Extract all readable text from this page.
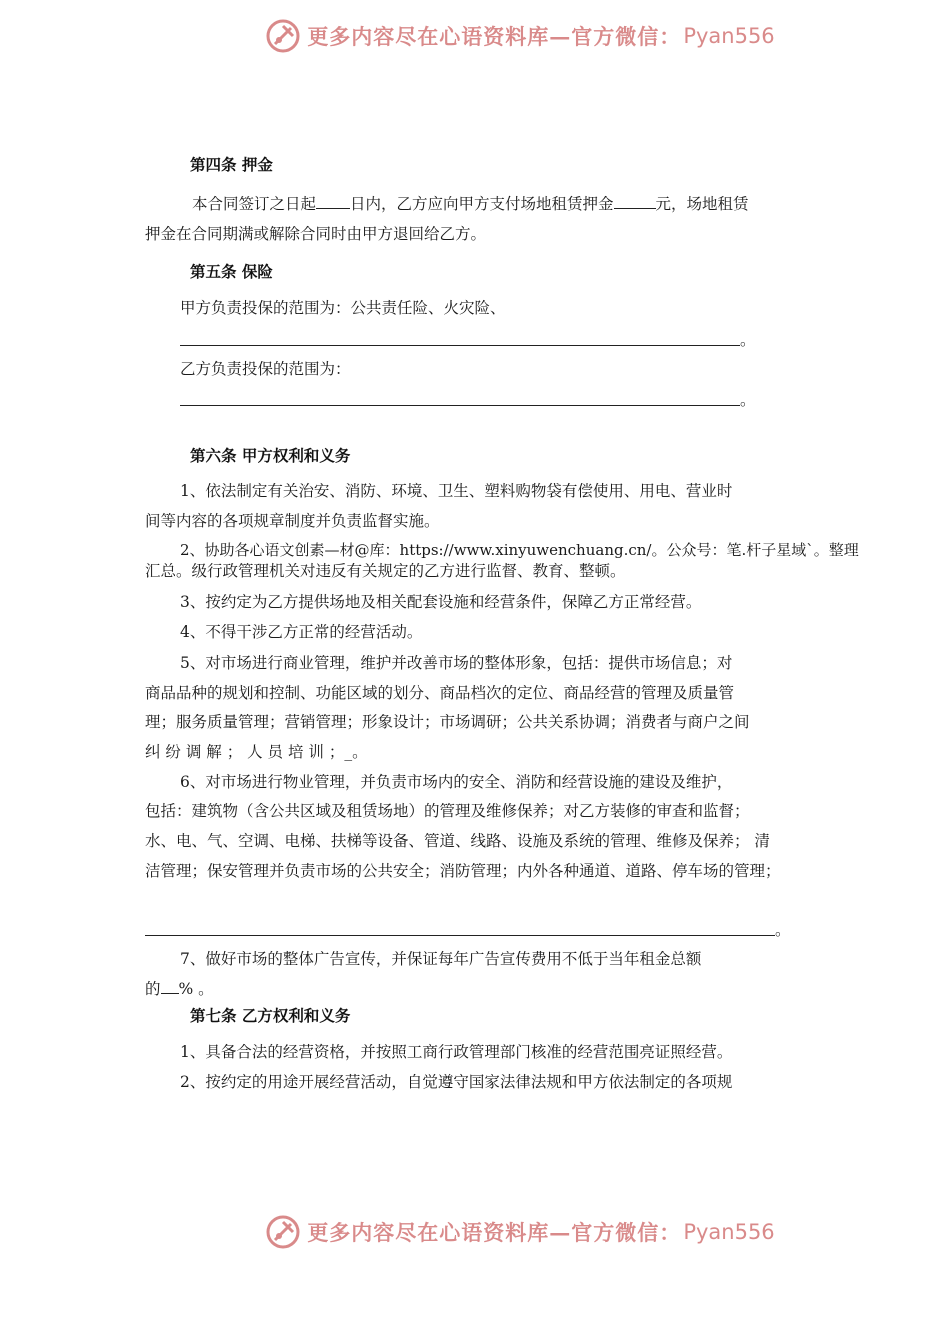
更多内容尽在心语资料库—官方微信： Pyan556
第四条 押金
本合同签订之日起 日内，乙方应向甲方支付场地租赁押金	元，场地租赁
押金在合同期满或解除合同时由甲方退回给乙方。
第五条 保险
甲方负责投保的范围为：公共责任险、火灾险、
。
乙方负责投保的范围为：
。
第六条 甲方权利和义务
1、依法制定有关治安、消防、环境、卫生、塑料购物袋有偿使用、用电、营业时
间等内容的各项规章制度并负责监督实施。
2、协助各心语文创素—材@库：https://www.xinyuwenchuang.cn/。公众号：笔.杆子星域`。整理
汇总。级行政管理机关对违反有关规定的乙方进行监督、教育、整顿。
3、按约定为乙方提供场地及相关配套设施和经营条件，保障乙方正常经营。
4、不得干涉乙方正常的经营活动。
5、对市场进行商业管理，维护并改善市场的整体形象，包括：提供市场信息；对
商品品种的规划和控制、功能区域的划分、商品档次的定位、商品经营的管理及质量管
理；服务质量管理；营销管理；形象设计；市场调研；公共关系协调；消费者与商户之间
纠 纷 调 解 ； 人 员 培 训 ；_。
6、对市场进行物业管理，并负责市场内的安全、消防和经营设施的建设及维护，
包括：建筑物（含公共区域及租赁场地）的管理及维修保养；对乙方装修的审查和监督；
水、电、气、空调、电梯、扶梯等设备、管道、线路、设施及系统的管理、维修及保养； 清
洁管理；保安管理并负责市场的公共安全；消防管理；内外各种通道、道路、停车场的管理；
。
7、做好市场的整体广告宣传，并保证每年广告宣传费用不低于当年租金总额
的 % 。
第七条 乙方权利和义务
1、具备合法的经营资格，并按照工商行政管理部门核准的经营范围亮证照经营。
2、按约定的用途开展经营活动，自觉遵守国家法律法规和甲方依法制定的各项规
更多内容尽在心语资料库—官方微信： Pyan556
